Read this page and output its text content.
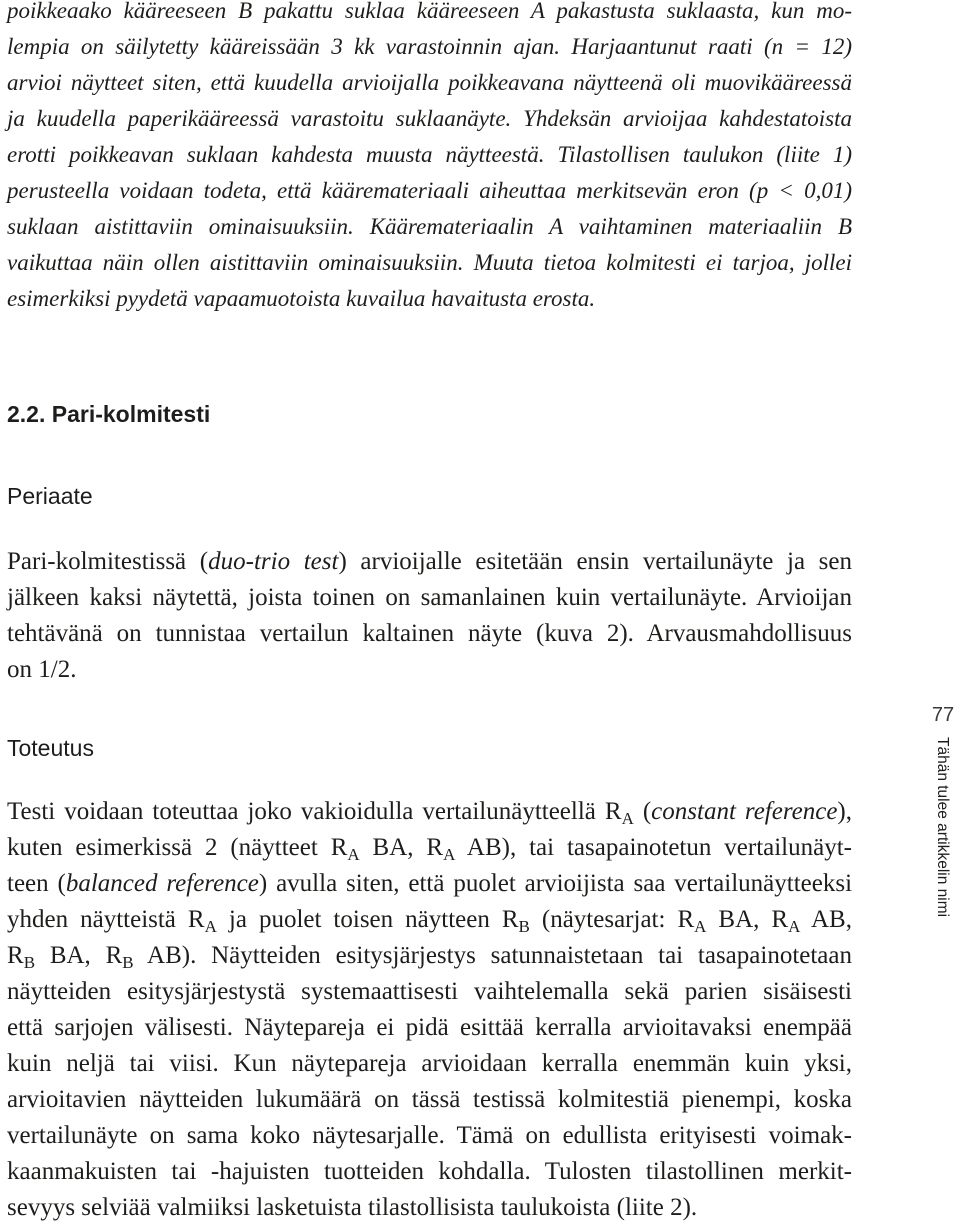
poikkeaako kääreeseen B pakattu suklaa kääreeseen A pakastusta suklaasta, kun mo-
lempia on säilytetty kääreissään 3 kk varastoinnin ajan. Harjaantunut raati (n = 12)
arvioi näytteet siten, että kuudella arvioijalla poikkeavana näytteenä oli muovikääreessä
ja kuudella paperikääreessä varastoitu suklaanäyte. Yhdeksän arvioijaa kahdestatoista
erotti poikkeavan suklaan kahdesta muusta näytteestä. Tilastollisen taulukon (liite 1)
perusteella voidaan todeta, että kääremateriaali aiheuttaa merkitsevän eron (p < 0,01)
suklaan aistittaviin ominaisuuksiin. Kääremateriaalin A vaihtaminen materiaaliin B
vaikuttaa näin ollen aistittaviin ominaisuuksiin. Muuta tietoa kolmitesti ei tarjoa, jollei
esimerkiksi pyydetä vapaamuotoista kuvailua havaitusta erosta.
2.2. Pari-kolmitesti
Periaate
Pari-kolmitestissä (duo-trio test) arvioijalle esitetään ensin vertailunäyte ja sen
jälkeen kaksi näytettä, joista toinen on samanlainen kuin vertailunäyte. Arvioijan
tehtävänä on tunnistaa vertailun kaltainen näyte (kuva 2). Arvausmahdollisuus
on 1/2.
Toteutus
Testi voidaan toteuttaa joko vakioidulla vertailunäytteellä $R_A$ (constant reference),
kuten esimerkissä 2 (näytteet $R_A$ BA, $R_A$ AB), tai tasapainotetun vertailunäyt-
teen (balanced reference) avulla siten, että puolet arvioijista saa vertailunäytteeksi
yhden näytteistä $R_A$ ja puolet toisen näytteen $R_B$ (näytesarjat: $R_A$ BA, $R_A$ AB,
$R_B$ BA, $R_B$ AB). Näytteiden esitysjärjestys satunnaistetaan tai tasapainotetaan
näytteiden esitysjärjestystä systemaattisesti vaihtelemalla sekä parien sisäisesti
että sarjojen välisesti. Näytepareja ei pidä esittää kerralla arvioitavaksi enempää
kuin neljä tai viisi. Kun näytepareja arvioidaan kerralla enemmän kuin yksi,
arvioitavien näytteiden lukumäärä on tässä testissä kolmitestiä pienempi, koska
vertailunäyte on sama koko näytesarjalle. Tämä on edullista erityisesti voimak-
kaanmakuisten tai -hajuisten tuotteiden kohdalla. Tulosten tilastollinen merkit-
sevyys selviää valmiiksi lasketuista tilastollisista taulukoista (liite 2).
77
Tähän tulee artikkelin nimi
